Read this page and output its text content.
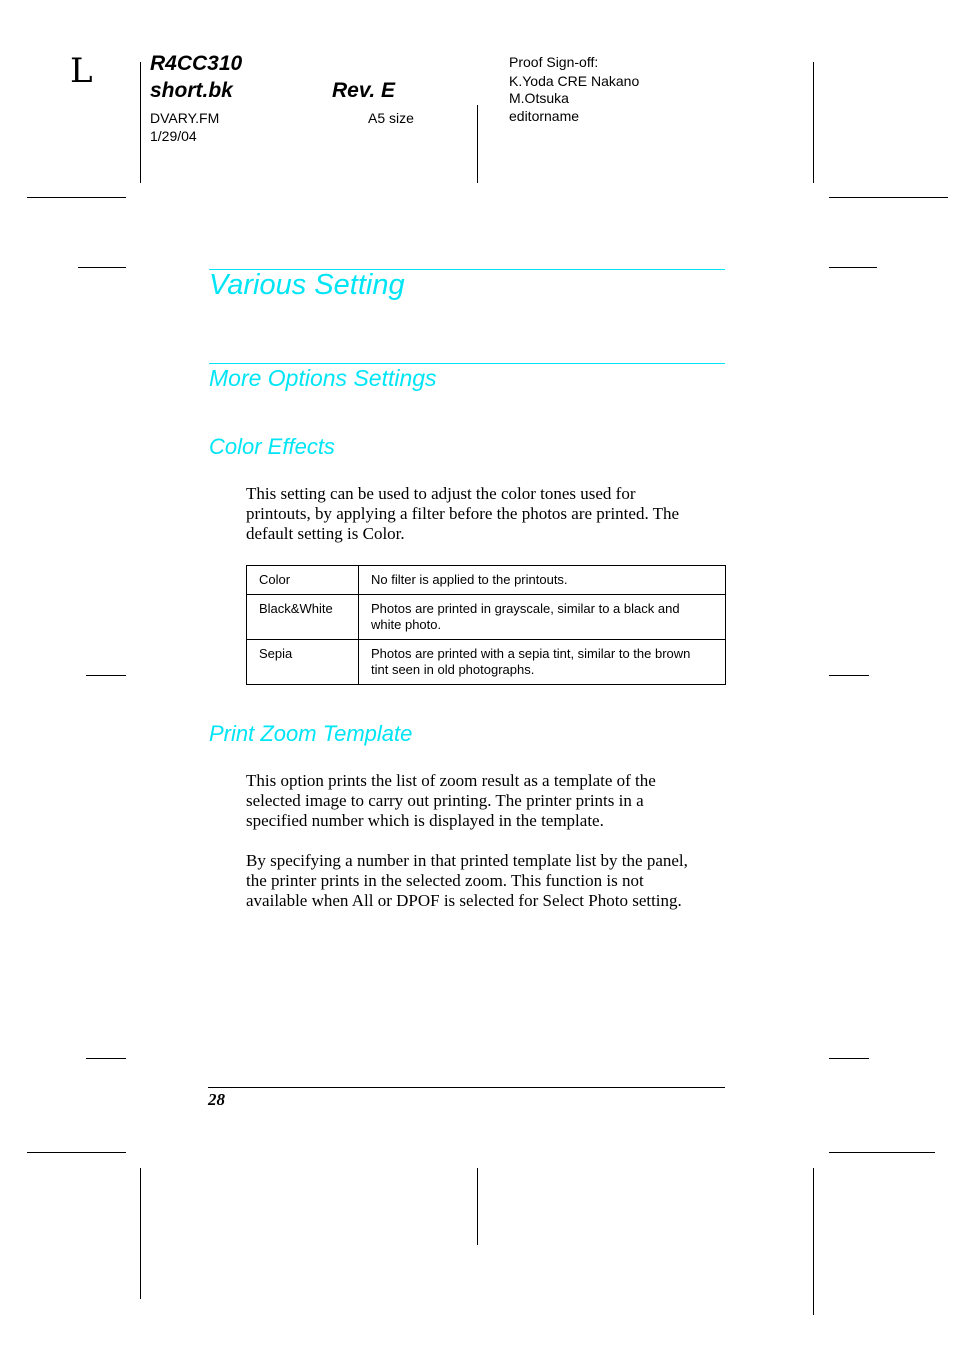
L	R4CC310
short.bk	Rev. E
DVARY.FM
1/29/04
A5 size
Proof Sign-off:
K.Yoda CRE Nakano
M.Otsuka
editorname
Various Setting
More Options Settings
Color Effects
This setting can be used to adjust the color tones used for
printouts, by applying a filter before the photos are printed. The
default setting is Color.
Color	No filter is applied to the printouts.

Black&White	Photos are printed in grayscale, similar to a black and
white photo.

Sepia	Photos are printed with a sepia tint, similar to the brown
tint seen in old photographs.
Print Zoom Template
This option prints the list of zoom result as a template of the
selected image to carry out printing. The printer prints in a
specified number which is displayed in the template.
By specifying a number in that printed template list by the panel,
the printer prints in the selected zoom. This function is not
available when All or DPOF is selected for Select Photo setting.
28
